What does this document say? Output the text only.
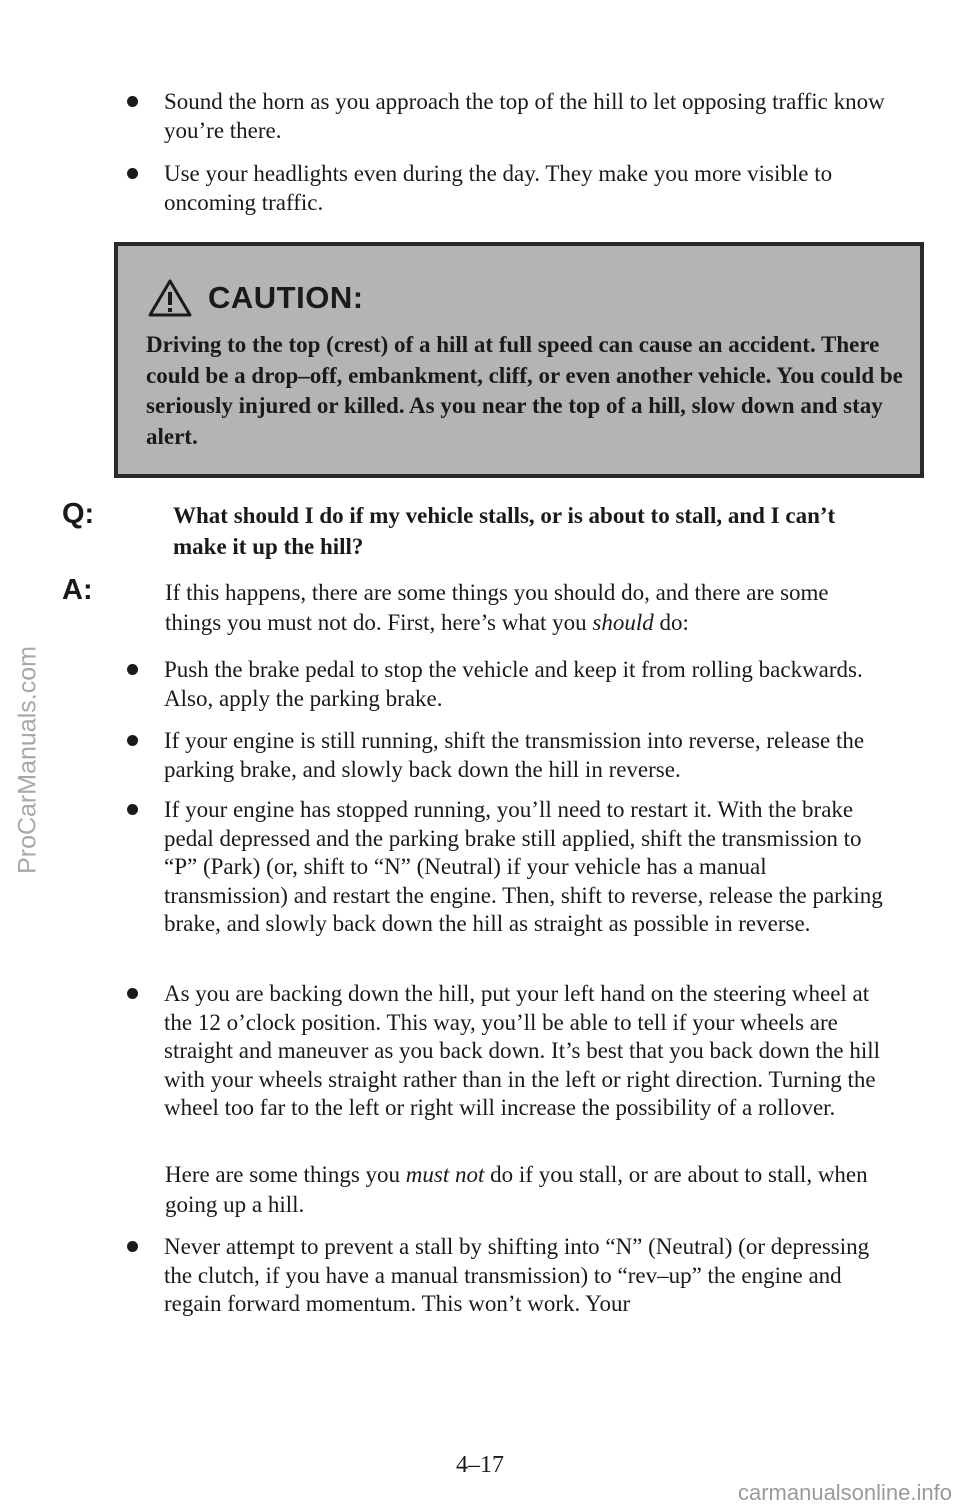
ProCarManuals.com
Sound the horn as you approach the top of the hill to let opposing traffic know you’re there.
Use your headlights even during the day. They make you more visible to oncoming traffic.
CAUTION:
Driving to the top (crest) of a hill at full speed can cause an accident. There could be a drop–off, embankment, cliff, or even another vehicle. You could be seriously injured or killed. As you near the top of a hill, slow down and stay alert.
Q:	What should I do if my vehicle stalls, or is about to stall, and I can’t make it up the hill?
A:	If this happens, there are some things you should do, and there are some things you must not do. First, here’s what you should do:
Push the brake pedal to stop the vehicle and keep it from rolling backwards. Also, apply the parking brake.
If your engine is still running, shift the transmission into reverse, release the parking brake, and slowly back down the hill in reverse.
If your engine has stopped running, you’ll need to restart it. With the brake pedal depressed and the parking brake still applied, shift the transmission to “P” (Park) (or, shift to “N” (Neutral) if your vehicle has a manual transmission) and restart the engine. Then, shift to reverse, release the parking brake, and slowly back down the hill as straight as possible in reverse.
As you are backing down the hill, put your left hand on the steering wheel at the 12 o’clock position. This way, you’ll be able to tell if your wheels are straight and maneuver as you back down. It’s best that you back down the hill with your wheels straight rather than in the left or right direction. Turning the wheel too far to the left or right will increase the possibility of a rollover.
Here are some things you must not do if you stall, or are about to stall, when going up a hill.
Never attempt to prevent a stall by shifting into “N” (Neutral) (or depressing the clutch, if you have a manual transmission) to “rev–up” the engine and regain forward momentum. This won’t work. Your
4–17
carmanualsonline.info
